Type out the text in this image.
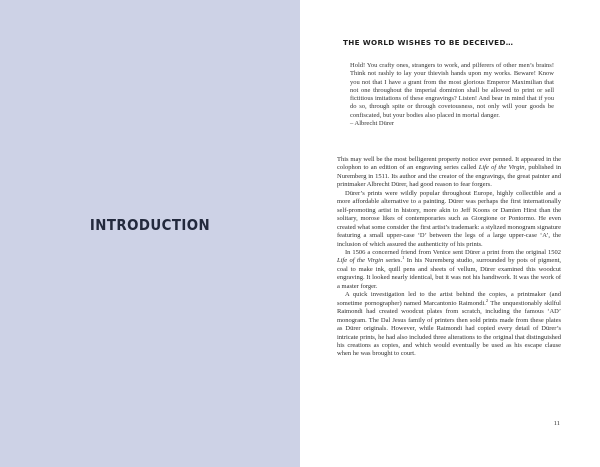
INTRODUCTION
THE WORLD WISHES TO BE DECEIVED…
Hold! You crafty ones, strangers to work, and pilferers of other men’s brains! Think not rashly to lay your thievish hands upon my works. Beware! Know you not that I have a grant from the most glorious Emperor Maximilian that not one throughout the imperial dominion shall be allowed to print or sell fictitious imitations of these engravings? Listen! And bear in mind that if you do so, through spite or through covetousness, not only will your goods be confiscated, but your bodies also placed in mortal danger.
– Albrecht Dürer

This may well be the most belligerent property notice ever penned. It appeared in the colophon to an edition of an engraving series called Life of the Virgin, published in Nuremberg in 1511. Its author and the creator of the engravings, the great painter and printmaker Albrecht Dürer, had good reason to fear forgers.

Dürer’s prints were wildly popular throughout Europe, highly collectible and a more affordable alternative to a painting. Dürer was perhaps the first internationally self-promoting artist in history, more akin to Jeff Koons or Damien Hirst than the solitary, morose likes of contemporaries such as Giorgione or Pontormo. He even created what some consider the first artist’s trademark: a stylized monogram signature featuring a small upper-case ‘D’ between the legs of a large upper-case ‘A’, the inclusion of which assured the authenticity of his prints.

In 1506 a concerned friend from Venice sent Dürer a print from the original 1502 Life of the Virgin series.$^1$ In his Nuremberg studio, surrounded by pots of pigment, coal to make ink, quill pens and sheets of vellum, Dürer examined this woodcut engraving. It looked nearly identical, but it was not his handiwork. It was the work of a master forger.

A quick investigation led to the artist behind the copies, a printmaker (and sometime pornographer) named Marcantonio Raimondi.$^2$ The unquestionably skilful Raimondi had created woodcut plates from scratch, including the famous ‘AD’ monogram. The Dal Jesus family of printers then sold prints made from these plates as Dürer originals. However, while Raimondi had copied every detail of Dürer’s intricate prints, he had also included three alterations to the original that distinguished his creations as copies, and which would eventually be used as his escape clause when he was brought to court.

11
